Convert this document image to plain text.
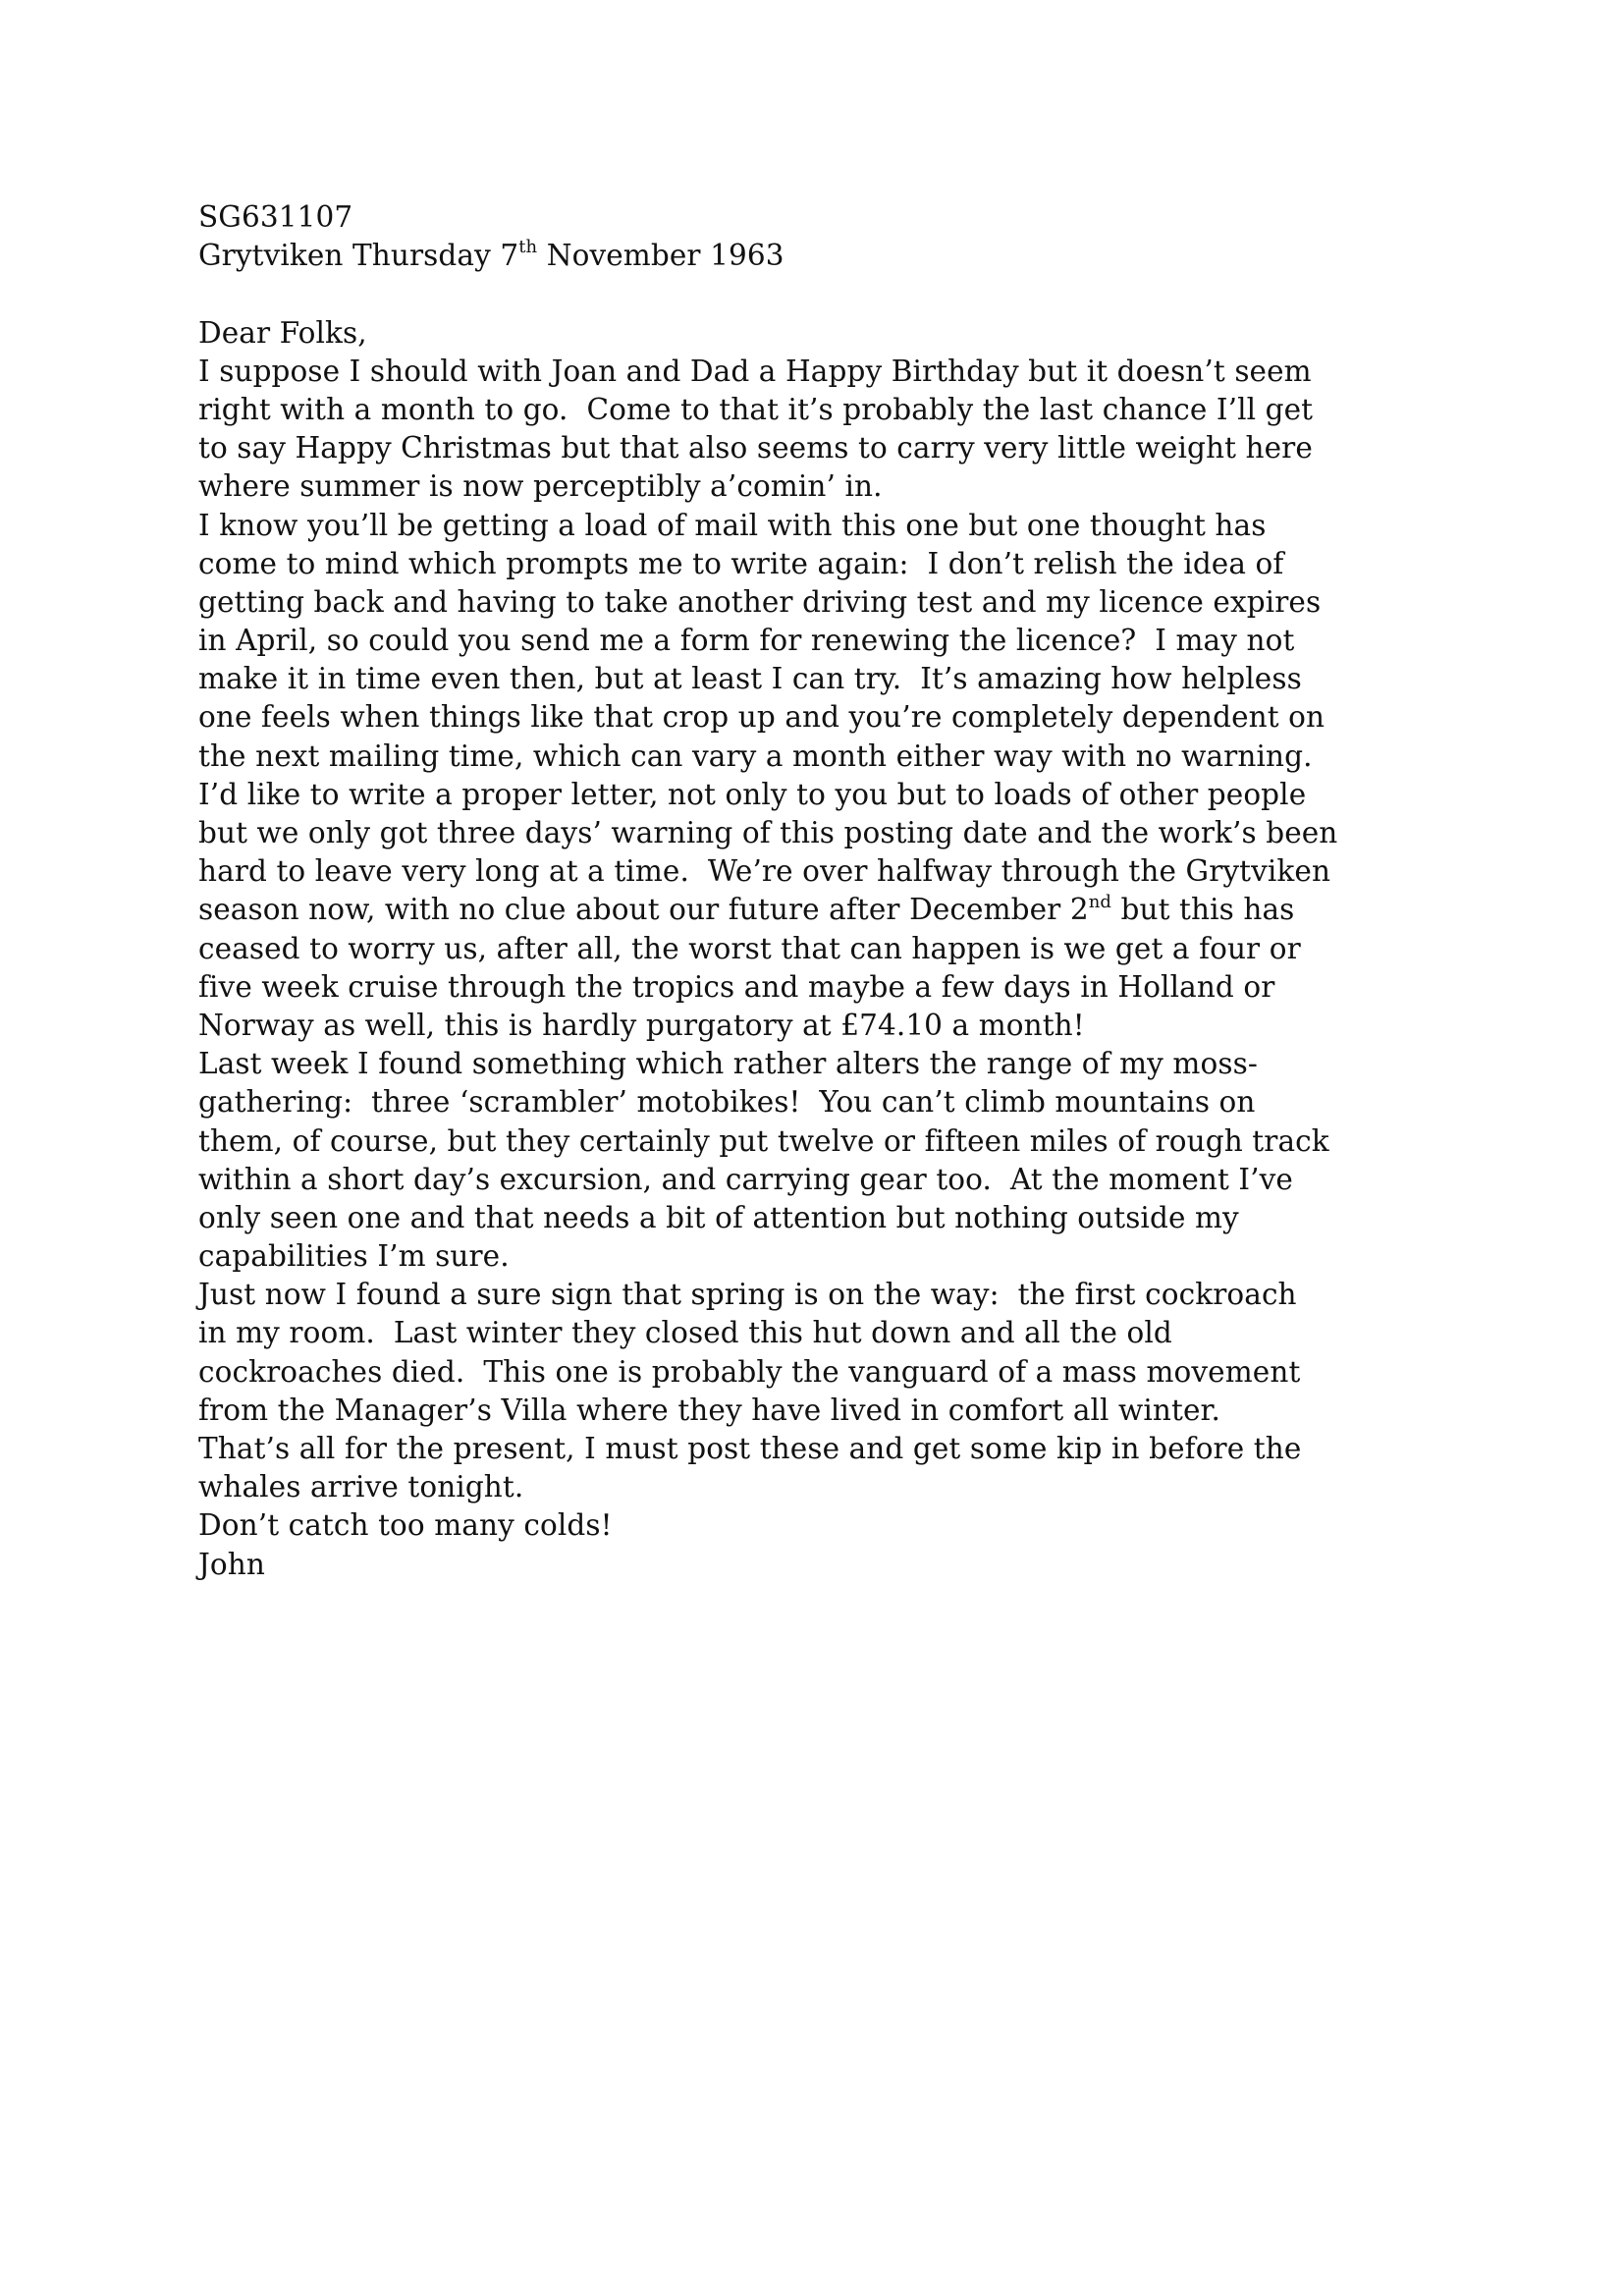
SG631107
Grytviken Thursday 7th November 1963
Dear Folks,
I suppose I should with Joan and Dad a Happy Birthday but it doesn’t seem
right with a month to go.  Come to that it’s probably the last chance I’ll get
to say Happy Christmas but that also seems to carry very little weight here
where summer is now perceptibly a’comin’ in.
I know you’ll be getting a load of mail with this one but one thought has
come to mind which prompts me to write again:  I don’t relish the idea of
getting back and having to take another driving test and my licence expires
in April, so could you send me a form for renewing the licence?  I may not
make it in time even then, but at least I can try.  It’s amazing how helpless
one feels when things like that crop up and you’re completely dependent on
the next mailing time, which can vary a month either way with no warning.
I’d like to write a proper letter, not only to you but to loads of other people
but we only got three days’ warning of this posting date and the work’s been
hard to leave very long at a time.  We’re over halfway through the Grytviken
season now, with no clue about our future after December 2nd but this has
ceased to worry us, after all, the worst that can happen is we get a four or
five week cruise through the tropics and maybe a few days in Holland or
Norway as well, this is hardly purgatory at £74.10 a month!
Last week I found something which rather alters the range of my moss-
gathering:  three ‘scrambler’ motobikes!  You can’t climb mountains on
them, of course, but they certainly put twelve or fifteen miles of rough track
within a short day’s excursion, and carrying gear too.  At the moment I’ve
only seen one and that needs a bit of attention but nothing outside my
capabilities I’m sure.
Just now I found a sure sign that spring is on the way:  the first cockroach
in my room.  Last winter they closed this hut down and all the old
cockroaches died.  This one is probably the vanguard of a mass movement
from the Manager’s Villa where they have lived in comfort all winter.
That’s all for the present, I must post these and get some kip in before the
whales arrive tonight.
Don’t catch too many colds!
John
